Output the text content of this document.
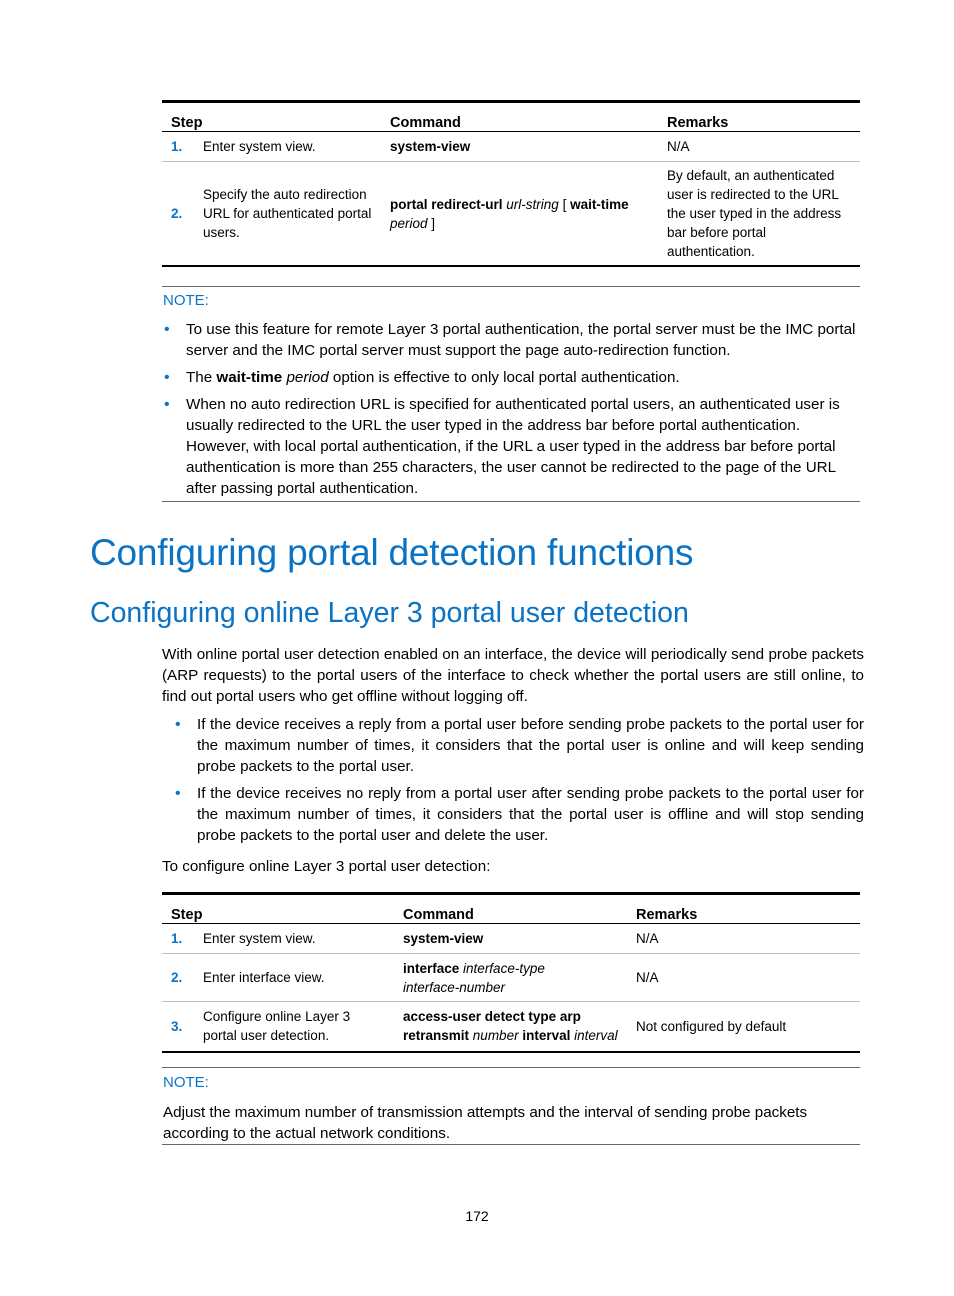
Step		Command	Remarks
1.	Enter system view.	system-view	N/A
2.	Specify the auto redirection URL for authenticated portal users.	portal redirect-url url-string [ wait-time period ]	By default, an authenticated user is redirected to the URL the user typed in the address bar before portal authentication.
NOTE:
• To use this feature for remote Layer 3 portal authentication, the portal server must be the IMC portal server and the IMC portal server must support the page auto-redirection function.
• The wait-time period option is effective to only local portal authentication.
• When no auto redirection URL is specified for authenticated portal users, an authenticated user is usually redirected to the URL the user typed in the address bar before portal authentication. However, with local portal authentication, if the URL a user typed in the address bar before portal authentication is more than 255 characters, the user cannot be redirected to the page of the URL after passing portal authentication.
Configuring portal detection functions
Configuring online Layer 3 portal user detection
With online portal user detection enabled on an interface, the device will periodically send probe packets (ARP requests) to the portal users of the interface to check whether the portal users are still online, to find out portal users who get offline without logging off.
• If the device receives a reply from a portal user before sending probe packets to the portal user for the maximum number of times, it considers that the portal user is online and will keep sending probe packets to the portal user.
• If the device receives no reply from a portal user after sending probe packets to the portal user for the maximum number of times, it considers that the portal user is offline and will stop sending probe packets to the portal user and delete the user.
To configure online Layer 3 portal user detection:
Step		Command	Remarks
1.	Enter system view.	system-view	N/A
2.	Enter interface view.	interface interface-type interface-number	N/A
3.	Configure online Layer 3 portal user detection.	access-user detect type arp retransmit number interval interval	Not configured by default
NOTE:
Adjust the maximum number of transmission attempts and the interval of sending probe packets according to the actual network conditions.
172
